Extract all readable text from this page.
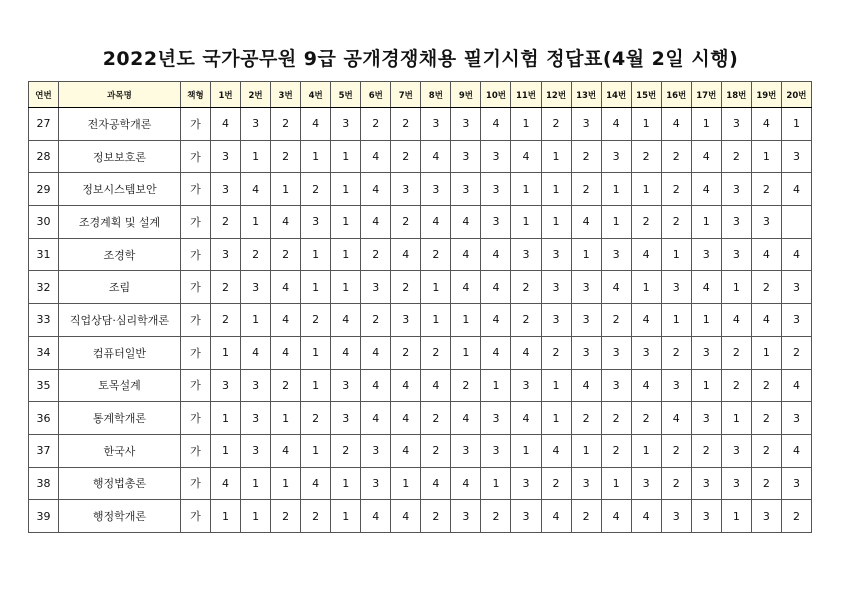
2022년도 국가공무원 9급 공개경쟁채용 필기시험 정답표(4월 2일 시행)
연번	과목명	책형	1번	2번	3번	4번	5번	6번	7번	8번	9번	10번	11번	12번	13번	14번	15번	16번	17번	18번	19번	20번
27	전자공학개론	가	4	3	2	4	3	2	2	3	3	4	1	2	3	4	1	4	1	3	4	1
28	정보보호론	가	3	1	2	1	1	4	2	4	3	3	4	1	2	3	2	2	4	2	1	3
29	정보시스템보안	가	3	4	1	2	1	4	3	3	3	3	1	1	2	1	1	2	4	3	2	4
30	조경계획 및 설계	가	2	1	4	3	1	4	2	4	4	3	1	1	4	1	2	2	1	3	3	
31	조경학	가	3	2	2	1	1	2	4	2	4	4	3	3	1	3	4	1	3	3	4	4
32	조림	가	2	3	4	1	1	3	2	1	4	4	2	3	3	4	1	3	4	1	2	3
33	직업상담·심리학개론	가	2	1	4	2	4	2	3	1	1	4	2	3	3	2	4	1	1	4	4	3
34	컴퓨터일반	가	1	4	4	1	4	4	2	2	1	4	4	2	3	3	3	2	3	2	1	2
35	토목설계	가	3	3	2	1	3	4	4	4	2	1	3	1	4	3	4	3	1	2	2	4
36	통계학개론	가	1	3	1	2	3	4	4	2	4	3	4	1	2	2	2	4	3	1	2	3
37	한국사	가	1	3	4	1	2	3	4	2	3	3	1	4	1	2	1	2	2	3	2	4
38	행정법총론	가	4	1	1	4	1	3	1	4	4	1	3	2	3	1	3	2	3	3	2	3
39	행정학개론	가	1	1	2	2	1	4	4	2	3	2	3	4	2	4	4	3	3	1	3	2
